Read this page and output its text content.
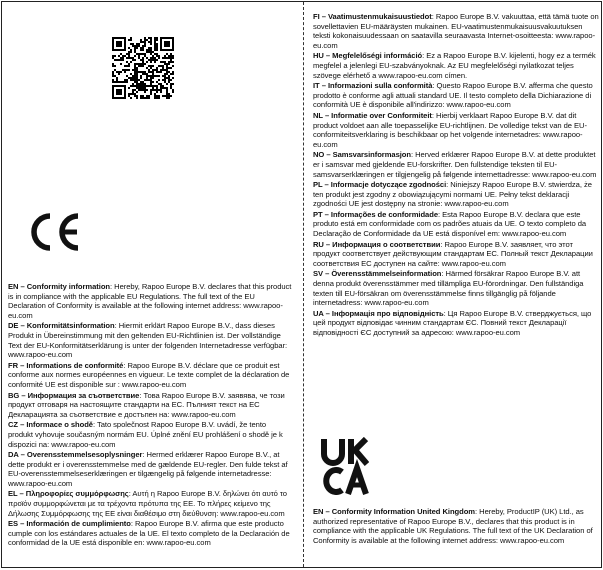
EN – Conformity information: Hereby, Rapoo Europe B.V. declares that this product is in compliance with the applicable EU Regulations. The full text of the EU Declaration of Conformity is available at the following internet address: www.rapoo-eu.com
DE – Konformitätsinformation: Hiermit erklärt Rapoo Europe B.V., dass dieses Produkt in Übereinstimmung mit den geltenden EU-Richtlinien ist. Der vollständige Text der EU-Konformitätserklärung is unter der folgenden Internetadresse verfügbar: www.rapoo-eu.com
FR – Informations de conformité: Rapoo Europe B.V. déclare que ce produit est conforme aux normes européennes en vigueur. Le texte complet de la déclaration de conformité UE est disponible sur : www.rapoo-eu.com
BG – Информация за съответствие: Това Rapoo Europe B.V. заявява, че този продукт отговаря на настоящите стандарти на ЕС. Пълният текст на ЕС Декларацията за съответствие е достъпен на: www.rapoo-eu.com
CZ – Informace o shodě: Tato společnost Rapoo Europe B.V. uvádí, že tento produkt vyhovuje současným normám EU. Úplné znění EU prohlášení o shodě je k dispozici na: www.rapoo-eu.com
DA – Overensstemmelsesoplysninger: Hermed erklærer Rapoo Europe B.V., at dette produkt er i overensstemmelse med de gældende EU-regler. Den fulde tekst af EU-overensstemmelseserklæringen er tilgængelig på følgende internetadresse: www.rapoo-eu.com
EL – Πληροφορίες συμμόρφωσης: Αυτή η Rapoo Europe B.V. δηλώνει ότι αυτό το προϊόν συμμορφώνεται με τα τρέχοντα πρότυπα της ΕΕ. Το πλήρες κείμενο της Δήλωσης Συμμόρφωσης της ΕΕ είναι διαθέσιμο στη διεύθυνση: www.rapoo-eu.com
ES – Información de cumplimiento: Rapoo Europe B.V. afirma que este producto cumple con los estándares actuales de la UE. El texto completo de la Declaración de conformidad de la UE está disponible en: www.rapoo-eu.com
FI – Vaatimustenmukaisuustiedot: Rapoo Europe B.V. vakuuttaa, että tämä tuote on sovellettavien EU-määräysten mukainen. EU-vaatimustenmukaisuusvakuutuksen teksti kokonaisuudessaan on saatavilla seuraavasta Internet-osoitteesta: www.rapoo-eu.com
HU – Megfelelőségi információ: Ez a Rapoo Europe B.V. kijelenti, hogy ez a termék megfelel a jelenlegi EU-szabványoknak. Az EU megfelelőségi nyilatkozat teljes szövege elérhető a www.rapoo-eu.com címen.
IT – Informazioni sulla conformità: Questo Rapoo Europe B.V. afferma che questo prodotto è conforme agli attuali standard UE. Il testo completo della Dichiarazione di conformità UE è disponibile all'indirizzo: www.rapoo-eu.com
NL – Informatie over Conformiteit: Hierbij verklaart Rapoo Europe B.V. dat dit product voldoet aan alle toepasselijke EU-richtlijnen. De volledige tekst van de EU-conformiteitsverklaring is beschikbaar op het volgende internetadres: www.rapoo-eu.com
NO – Samsvarsinformasjon: Herved erklærer Rapoo Europe B.V. at dette produktet er i samsvar med gjeldende EU-forskrifter. Den fullstendige teksten til EU-samsvarserklæringen er tilgjengelig på følgende internettadresse: www.rapoo-eu.com
PL – Informacje dotyczące zgodności: Niniejszy Rapoo Europe B.V. stwierdza, że ten produkt jest zgodny z obowiązującymi normami UE. Pełny tekst deklaracji zgodności UE jest dostępny na stronie: www.rapoo-eu.com
PT – Informações de conformidade: Esta Rapoo Europe B.V. declara que este produto está em conformidade com os padrões atuais da UE. O texto completo da Declaração de Conformidade da UE está disponível em: www.rapoo-eu.com
RU – Информация о соответствии: Rapoo Europe B.V. заявляет, что этот продукт соответствует действующим стандартам ЕС. Полный текст Декларации соответствия ЕС доступен на сайте: www.rapoo-eu.com
SV – Överensstämmelseinformation: Härmed försäkrar Rapoo Europe B.V. att denna produkt överensstämmer med tillämpliga EU-förordningar. Den fullständiga texten till EU-försäkran om överensstämmelse finns tillgänglig på följande internetadress: www.rapoo-eu.com
UA – Інформація про відповідність: Ця Rapoo Europe B.V. стверджується, що цей продукт відповідає чинним стандартам ЄС. Повний текст Декларації відповідності ЄС доступний за адресою: www.rapoo-eu.com
EN – Conformity Information United Kingdom: Hereby, ProductIP (UK) Ltd., as authorized representative of Rapoo Europe B.V., declares that this product is in compliance with the applicable UK Regulations. The full text of the UK Declaration of Conformity is available at the following internet address: www.rapoo-eu.com
